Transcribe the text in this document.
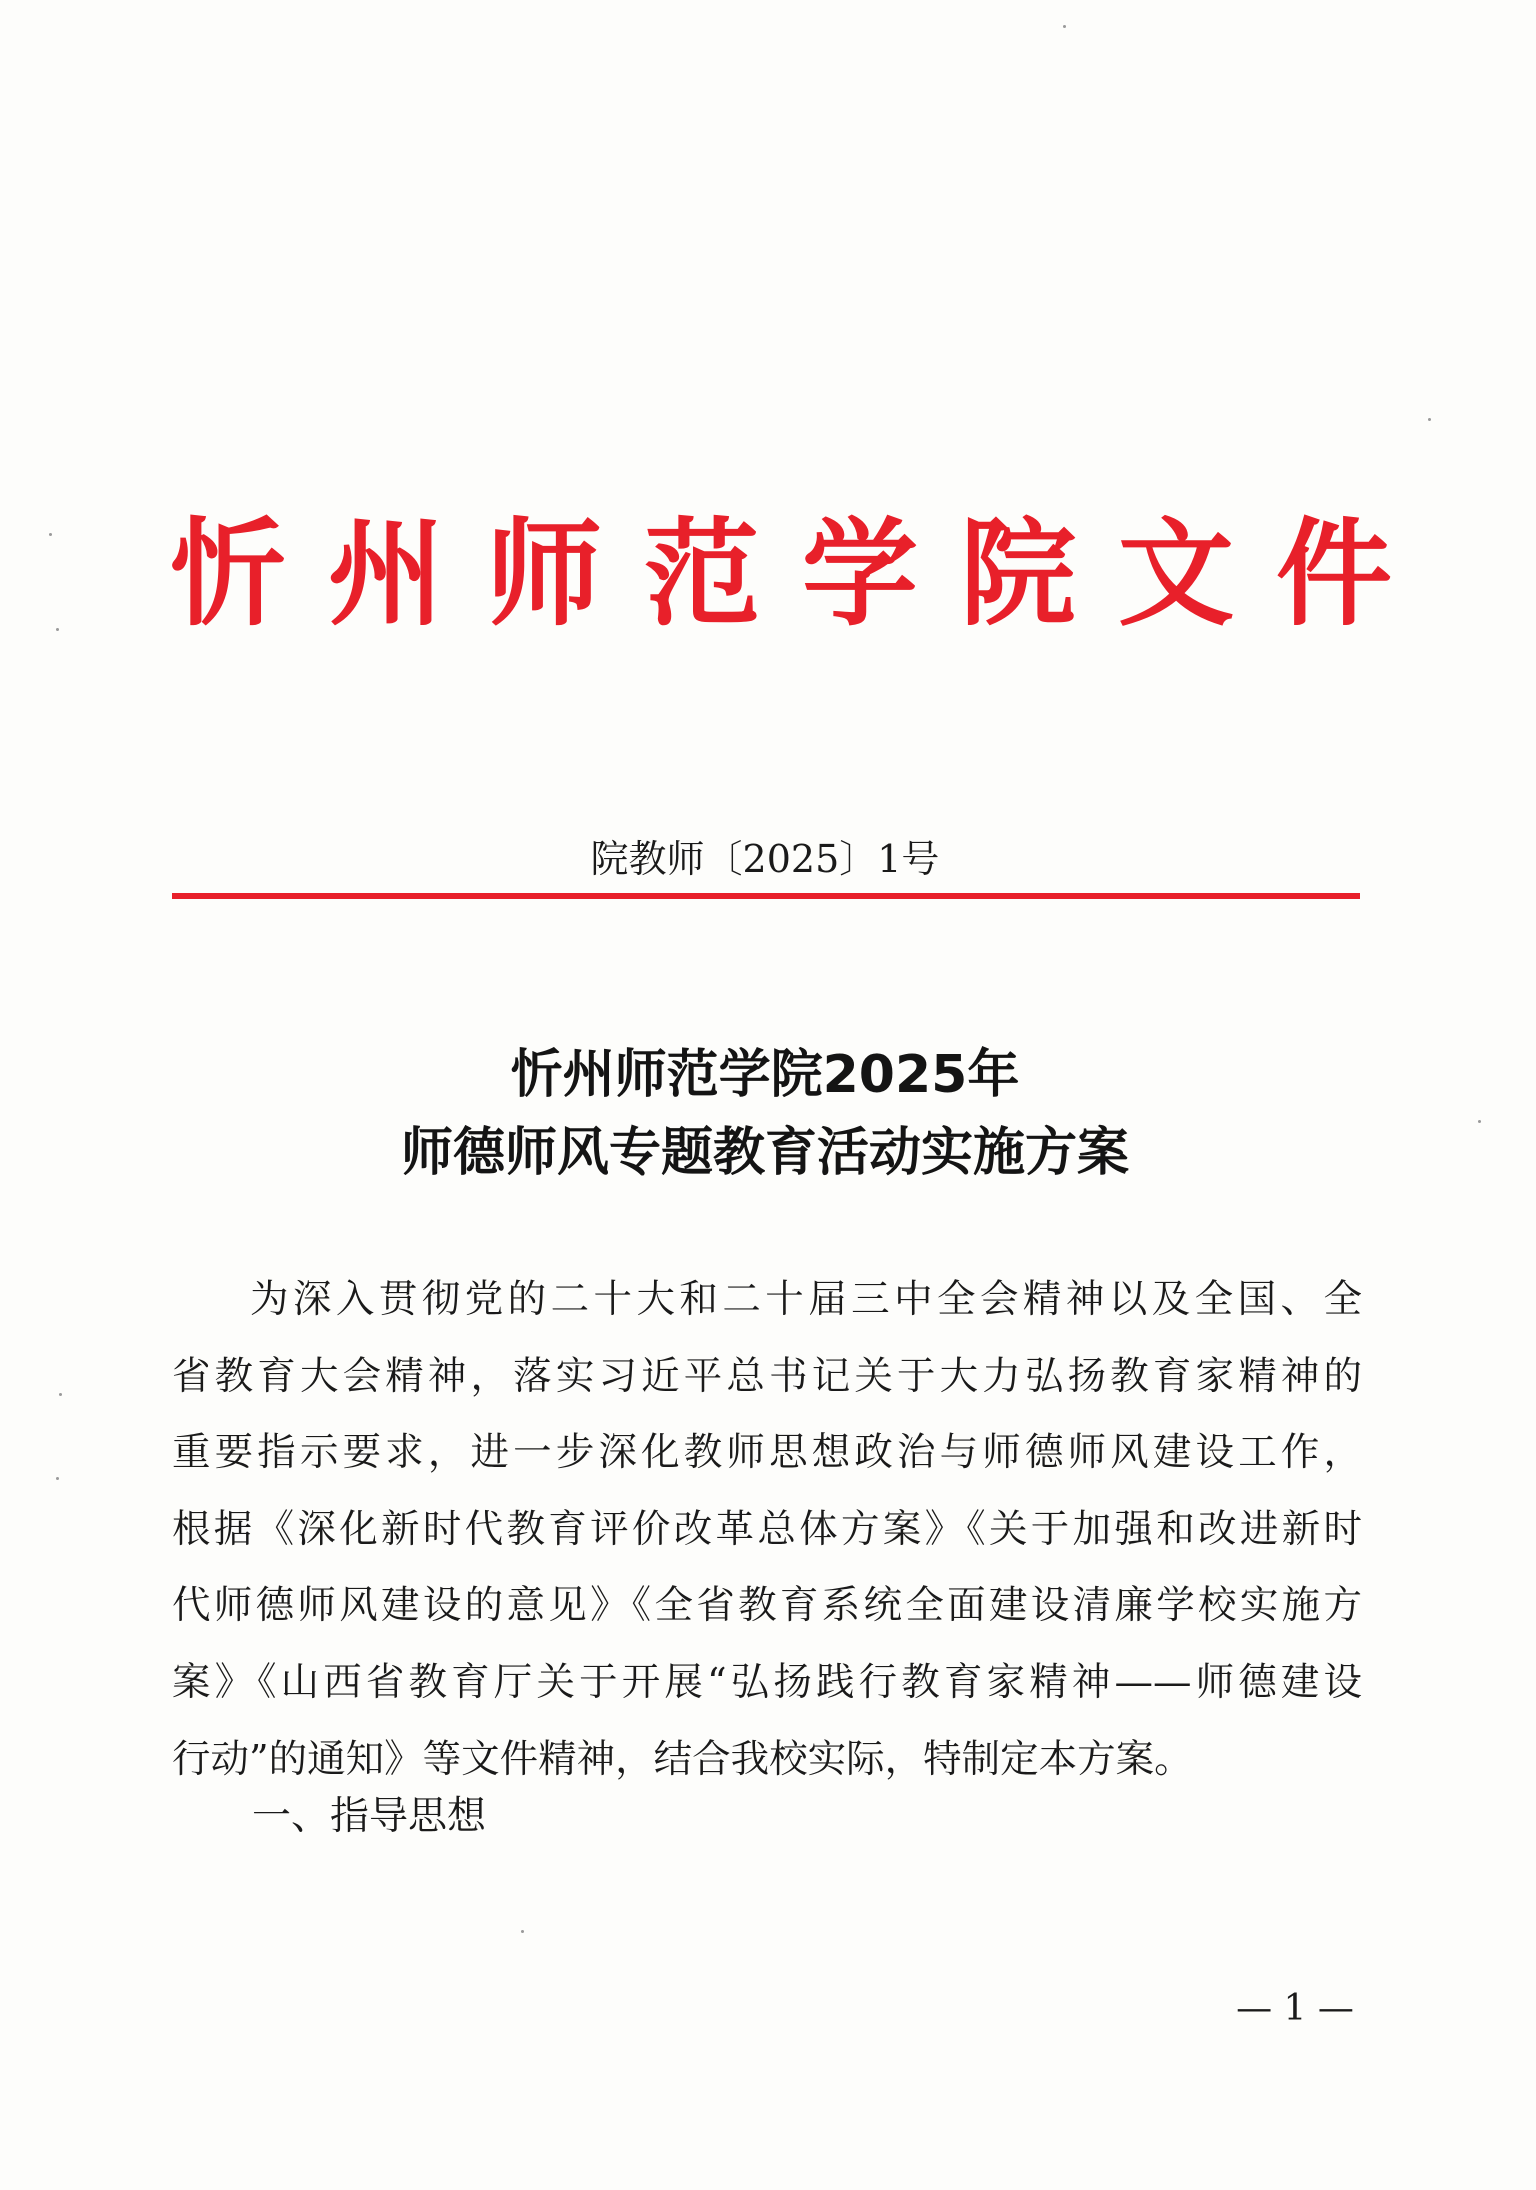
忻州师范学院文件
院教师〔2025〕1号
忻州师范学院2025年
师德师风专题教育活动实施方案
为深入贯彻党的二十大和二十届三中全会精神以及全国、全
省教育大会精神，落实习近平总书记关于大力弘扬教育家精神的
重要指示要求，进一步深化教师思想政治与师德师风建设工作，
根据《深化新时代教育评价改革总体方案》《关于加强和改进新时
代师德师风建设的意见》《全省教育系统全面建设清廉学校实施方
案》《山西省教育厅关于开展“弘扬践行教育家精神——师德建设
行动”的通知》等文件精神，结合我校实际，特制定本方案。
一、指导思想
— 1 —
